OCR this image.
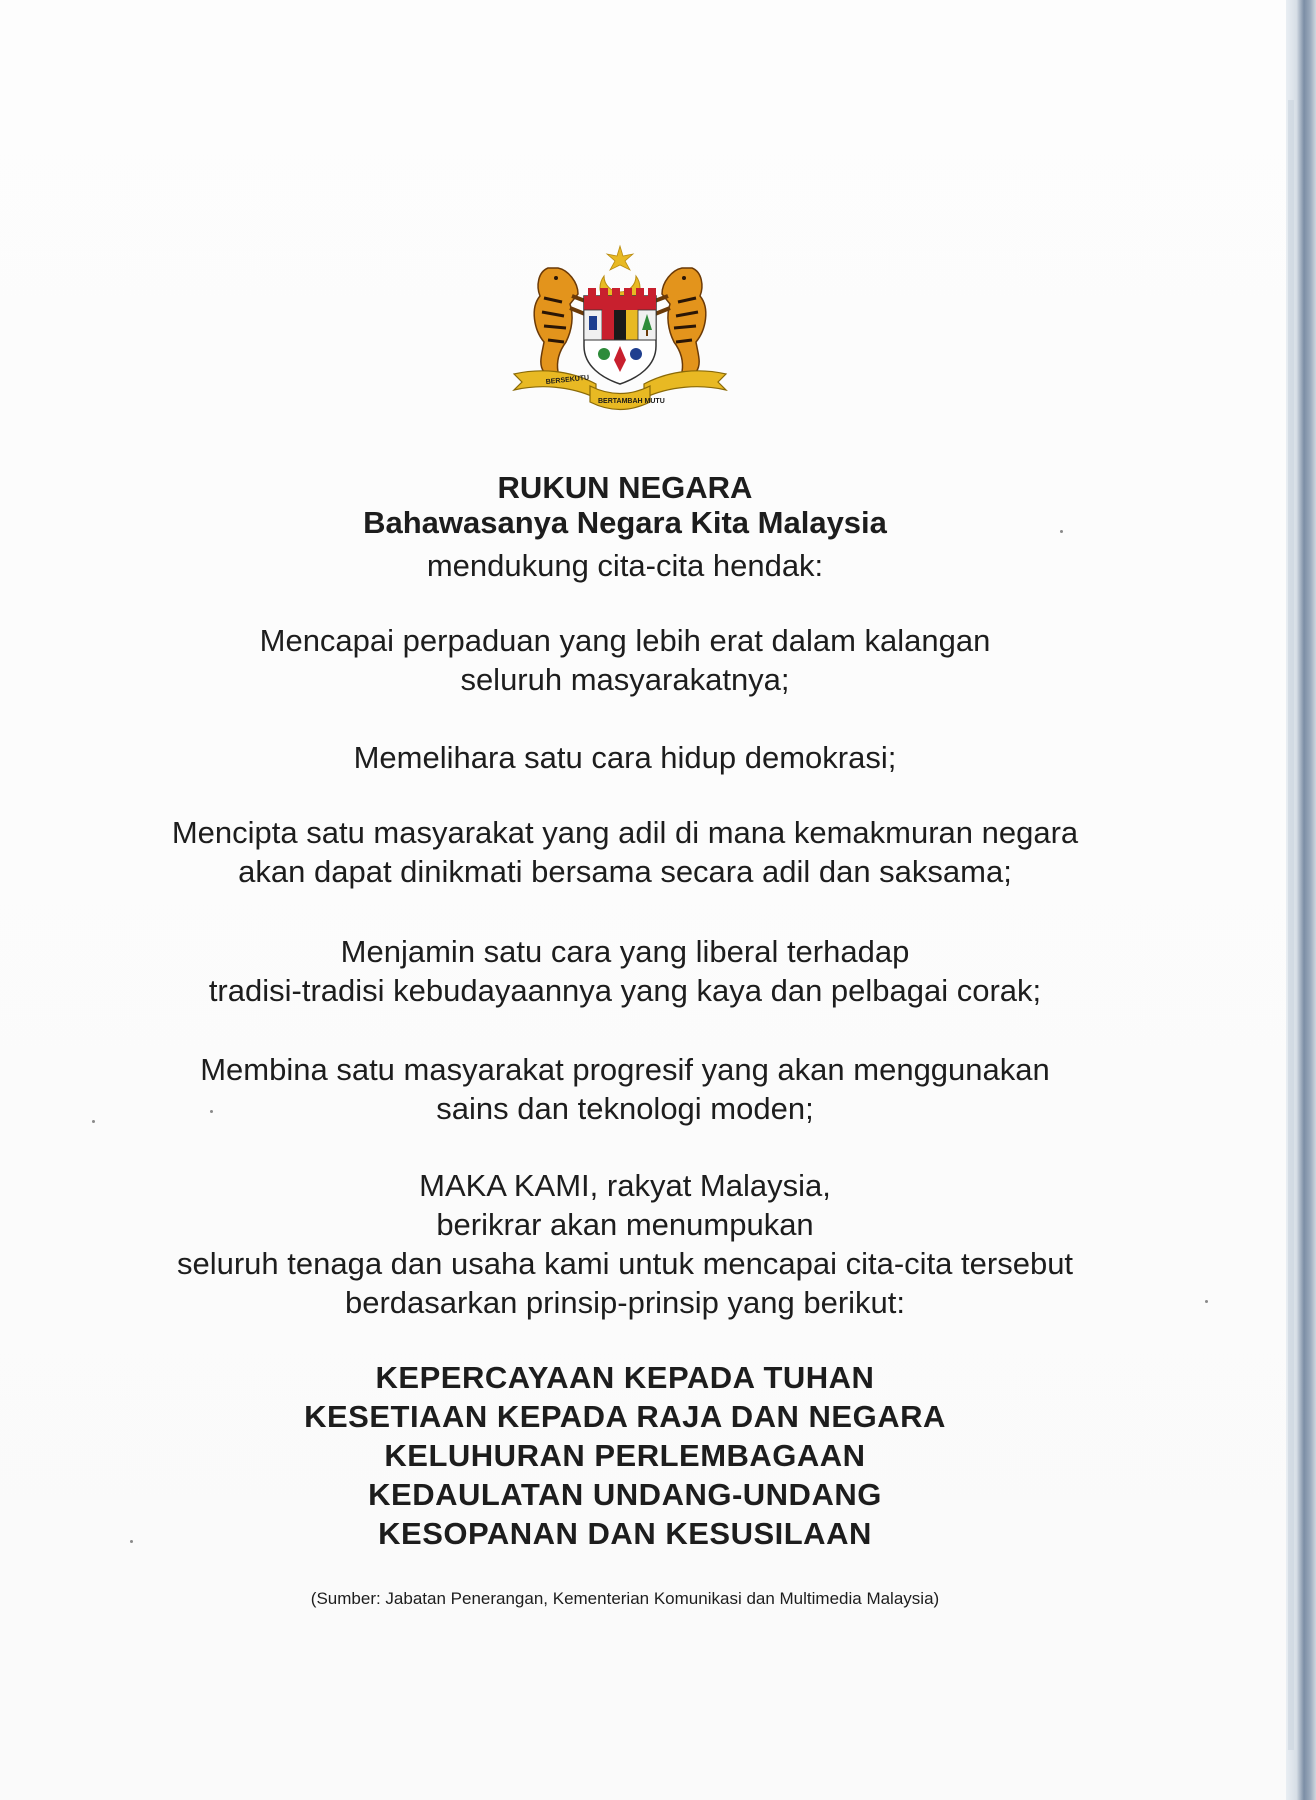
BERSEKUTU
BERTAMBAH MUTU

RUKUN NEGARA

Bahawasanya Negara Kita Malaysia

mendukung cita-cita hendak:

Mencapai perpaduan yang lebih erat dalam kalangan
seluruh masyarakatnya;
Memelihara satu cara hidup demokrasi;
Mencipta satu masyarakat yang adil di mana kemakmuran negara
akan dapat dinikmati bersama secara adil dan saksama;
Menjamin satu cara yang liberal terhadap
tradisi-tradisi kebudayaannya yang kaya dan pelbagai corak;
Membina satu masyarakat progresif yang akan menggunakan
sains dan teknologi moden;
MAKA KAMI, rakyat Malaysia,
berikrar akan menumpukan
seluruh tenaga dan usaha kami untuk mencapai cita-cita tersebut
berdasarkan prinsip-prinsip yang berikut:
KEPERCAYAAN KEPADA TUHAN
KESETIAAN KEPADA RAJA DAN NEGARA
KELUHURAN PERLEMBAGAAN
KEDAULATAN UNDANG-UNDANG
KESOPANAN DAN KESUSILAAN

(Sumber: Jabatan Penerangan, Kementerian Komunikasi dan Multimedia Malaysia)
